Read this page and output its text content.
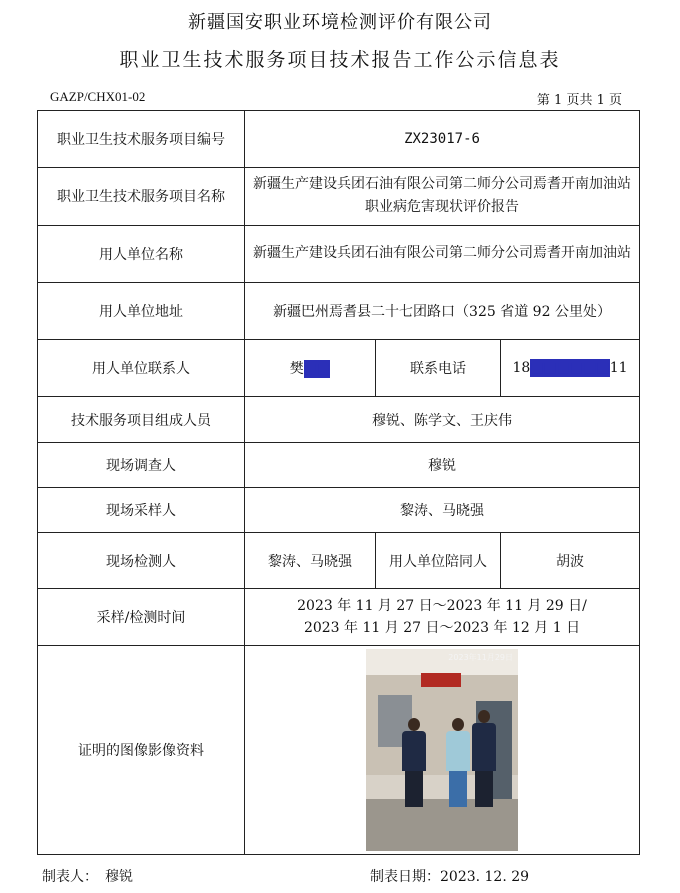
新疆国安职业环境检测评价有限公司
职业卫生技术服务项目技术报告工作公示信息表
GAZP/CHX01-02	第 1 页共 1 页
职业卫生技术服务项目编号	ZX23017-6		
职业卫生技术服务项目名称	新疆生产建设兵团石油有限公司第二师分公司焉耆开南加油站职业病危害现状评价报告		
用人单位名称	新疆生产建设兵团石油有限公司第二师分公司焉耆开南加油站		
用人单位地址	新疆巴州焉耆县二十七团路口（325 省道 92 公里处）		
用人单位联系人	樊■■	联系电话	18■■■■■■11
技术服务项目组成人员	穆锐、陈学文、王庆伟		
现场调查人	穆锐		
现场采样人	黎涛、马晓强		
现场检测人	黎涛、马晓强	用人单位陪同人	胡波
采样/检测时间	2023 年 11 月 27 日～2023 年 11 月 29 日/
2023 年 11 月 27 日～2023 年 12 月 1 日		

证明的图像影像资料	2023年11月29日		
制表人：　穆锐	制表日期：2023. 12. 29
